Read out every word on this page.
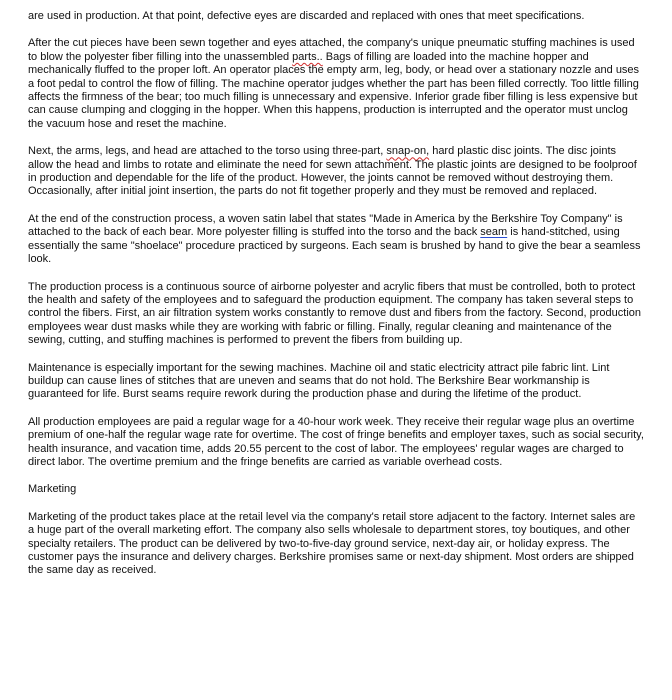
are used in production. At that point, defective eyes are discarded and replaced with ones that meet specifications.

After the cut pieces have been sewn together and eyes attached, the company's unique pneumatic stuffing machines is used to blow the polyester fiber filling into the unassembled parts.. Bags of filling are loaded into the machine hopper and mechanically fluffed to the proper loft. An operator places the empty arm, leg, body, or head over a stationary nozzle and uses a foot pedal to control the flow of filling. The machine operator judges whether the part has been filled correctly. Too little filling affects the firmness of the bear; too much filling is unnecessary and expensive. Inferior grade fiber filling is less expensive but can cause clumping and clogging in the hopper. When this happens, production is interrupted and the operator must unclog the vacuum hose and reset the machine.

Next, the arms, legs, and head are attached to the torso using three-part, snap-on, hard plastic disc joints. The disc joints allow the head and limbs to rotate and eliminate the need for sewn attachment. The plastic joints are designed to be foolproof in production and dependable for the life of the product. However, the joints cannot be removed without destroying them. Occasionally, after initial joint insertion, the parts do not fit together properly and they must be removed and replaced.

At the end of the construction process, a woven satin label that states "Made in America by the Berkshire Toy Company" is attached to the back of each bear. More polyester filling is stuffed into the torso and the back seam is hand-stitched, using essentially the same "shoelace" procedure practiced by surgeons. Each seam is brushed by hand to give the bear a seamless look.

The production process is a continuous source of airborne polyester and acrylic fibers that must be controlled, both to protect the health and safety of the employees and to safeguard the production equipment. The company has taken several steps to control the fibers. First, an air filtration system works constantly to remove dust and fibers from the factory. Second, production employees wear dust masks while they are working with fabric or filling. Finally, regular cleaning and maintenance of the sewing, cutting, and stuffing machines is performed to prevent the fibers from building up.

Maintenance is especially important for the sewing machines. Machine oil and static electricity attract pile fabric lint. Lint buildup can cause lines of stitches that are uneven and seams that do not hold. The Berkshire Bear workmanship is guaranteed for life. Burst seams require rework during the production phase and during the lifetime of the product.

All production employees are paid a regular wage for a 40-hour work week. They receive their regular wage plus an overtime premium of one-half the regular wage rate for overtime. The cost of fringe benefits and employer taxes, such as social security, health insurance, and vacation time, adds 20.55 percent to the cost of labor. The employees' regular wages are charged to direct labor. The overtime premium and the fringe benefits are carried as variable overhead costs.

Marketing

Marketing of the product takes place at the retail level via the company's retail store adjacent to the factory. Internet sales are a huge part of the overall marketing effort. The company also sells wholesale to department stores, toy boutiques, and other specialty retailers. The product can be delivered by two-to-five-day ground service, next-day air, or holiday express. The customer pays the insurance and delivery charges. Berkshire promises same or next-day shipment. Most orders are shipped the same day as received.
